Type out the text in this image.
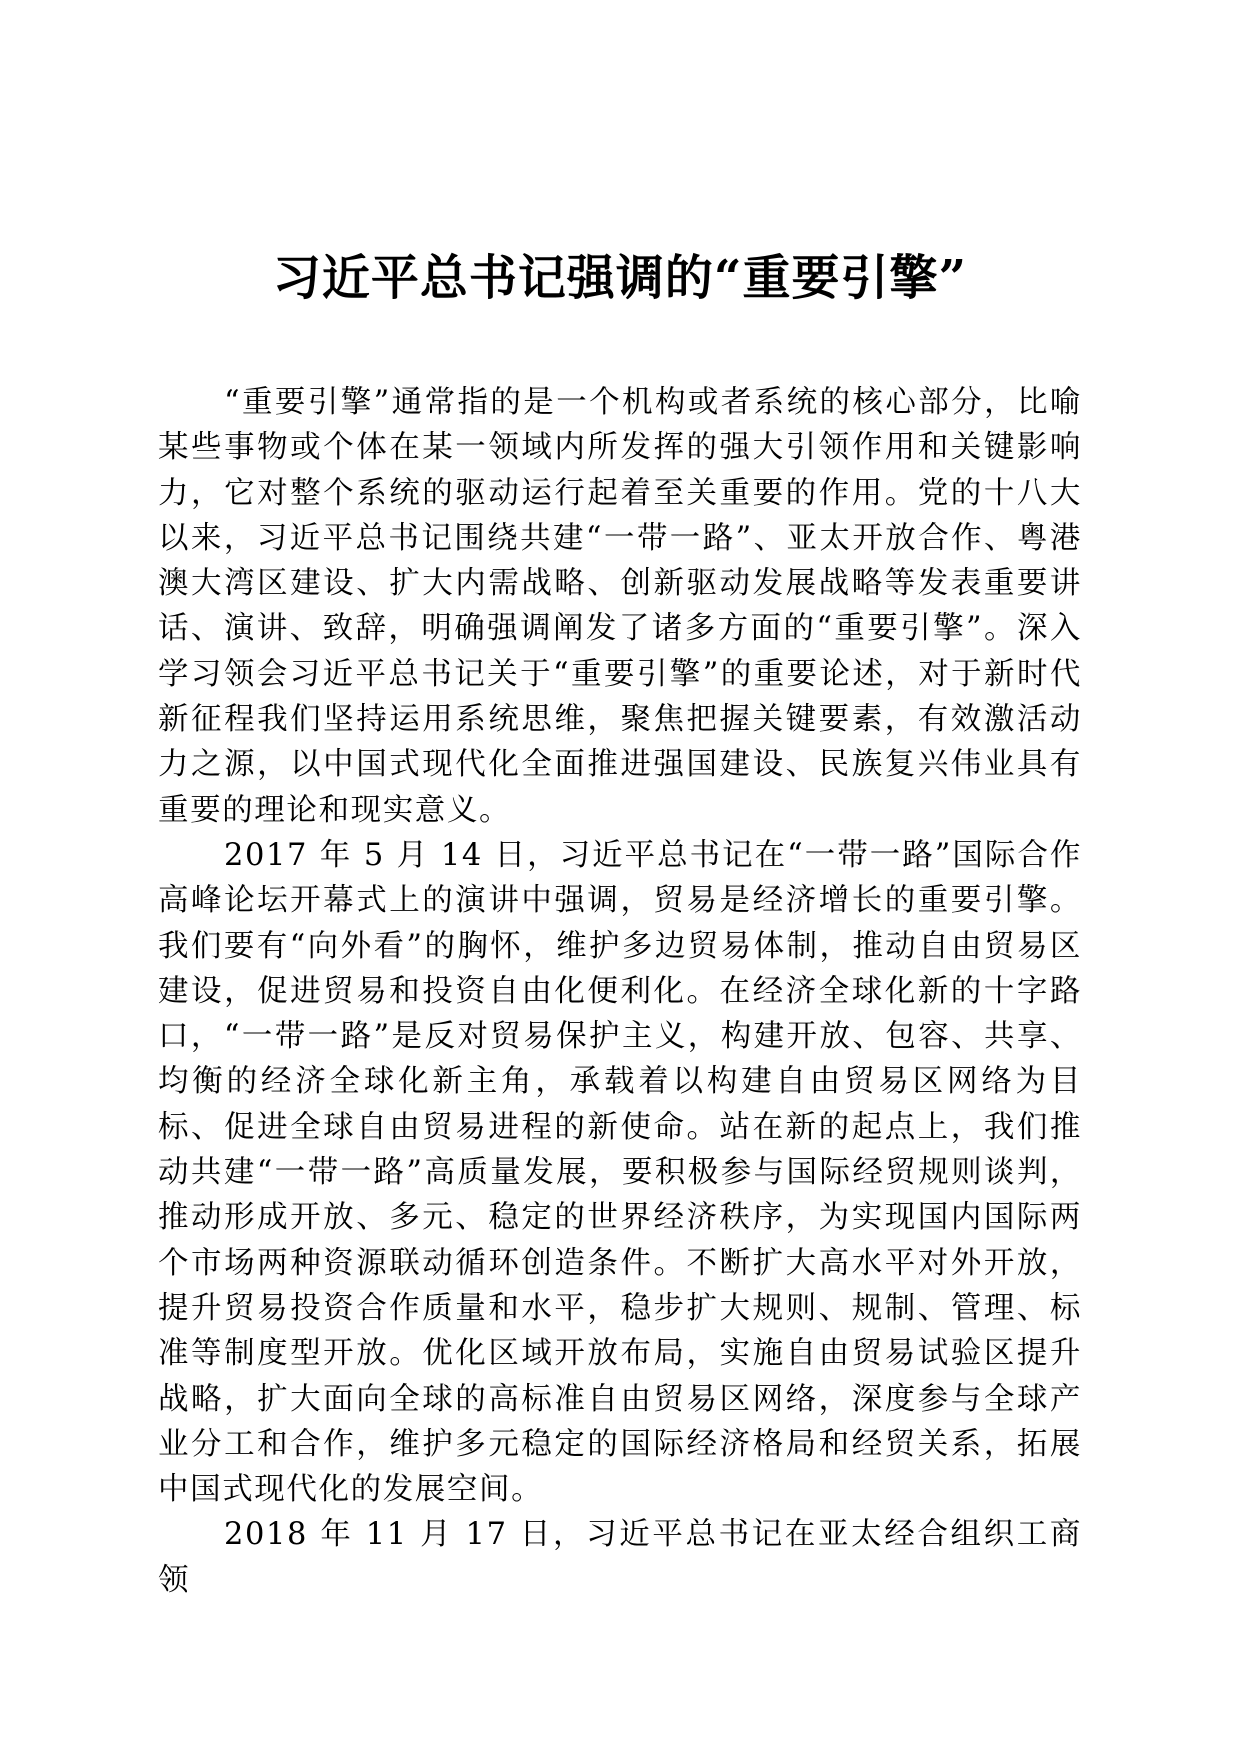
习近平总书记强调的“重要引擎”

“重要引擎”通常指的是一个机构或者系统的核心部分，比喻某些事物或个体在某一领域内所发挥的强大引领作用和关键影响力，它对整个系统的驱动运行起着至关重要的作用。党的十八大以来，习近平总书记围绕共建“一带一路”、亚太开放合作、粤港澳大湾区建设、扩大内需战略、创新驱动发展战略等发表重要讲话、演讲、致辞，明确强调阐发了诸多方面的“重要引擎”。深入学习领会习近平总书记关于“重要引擎”的重要论述，对于新时代新征程我们坚持运用系统思维，聚焦把握关键要素，有效激活动力之源，以中国式现代化全面推进强国建设、民族复兴伟业具有重要的理论和现实意义。

2017 年 5 月 14 日，习近平总书记在“一带一路”国际合作高峰论坛开幕式上的演讲中强调，贸易是经济增长的重要引擎。我们要有“向外看”的胸怀，维护多边贸易体制，推动自由贸易区建设，促进贸易和投资自由化便利化。在经济全球化新的十字路口，“一带一路”是反对贸易保护主义，构建开放、包容、共享、均衡的经济全球化新主角，承载着以构建自由贸易区网络为目标、促进全球自由贸易进程的新使命。站在新的起点上，我们推动共建“一带一路”高质量发展，要积极参与国际经贸规则谈判，推动形成开放、多元、稳定的世界经济秩序，为实现国内国际两个市场两种资源联动循环创造条件。不断扩大高水平对外开放，提升贸易投资合作质量和水平，稳步扩大规则、规制、管理、标准等制度型开放。优化区域开放布局，实施自由贸易试验区提升战略，扩大面向全球的高标准自由贸易区网络，深度参与全球产业分工和合作，维护多元稳定的国际经济格局和经贸关系，拓展中国式现代化的发展空间。

2018 年 11 月 17 日，习近平总书记在亚太经合组织工商领
